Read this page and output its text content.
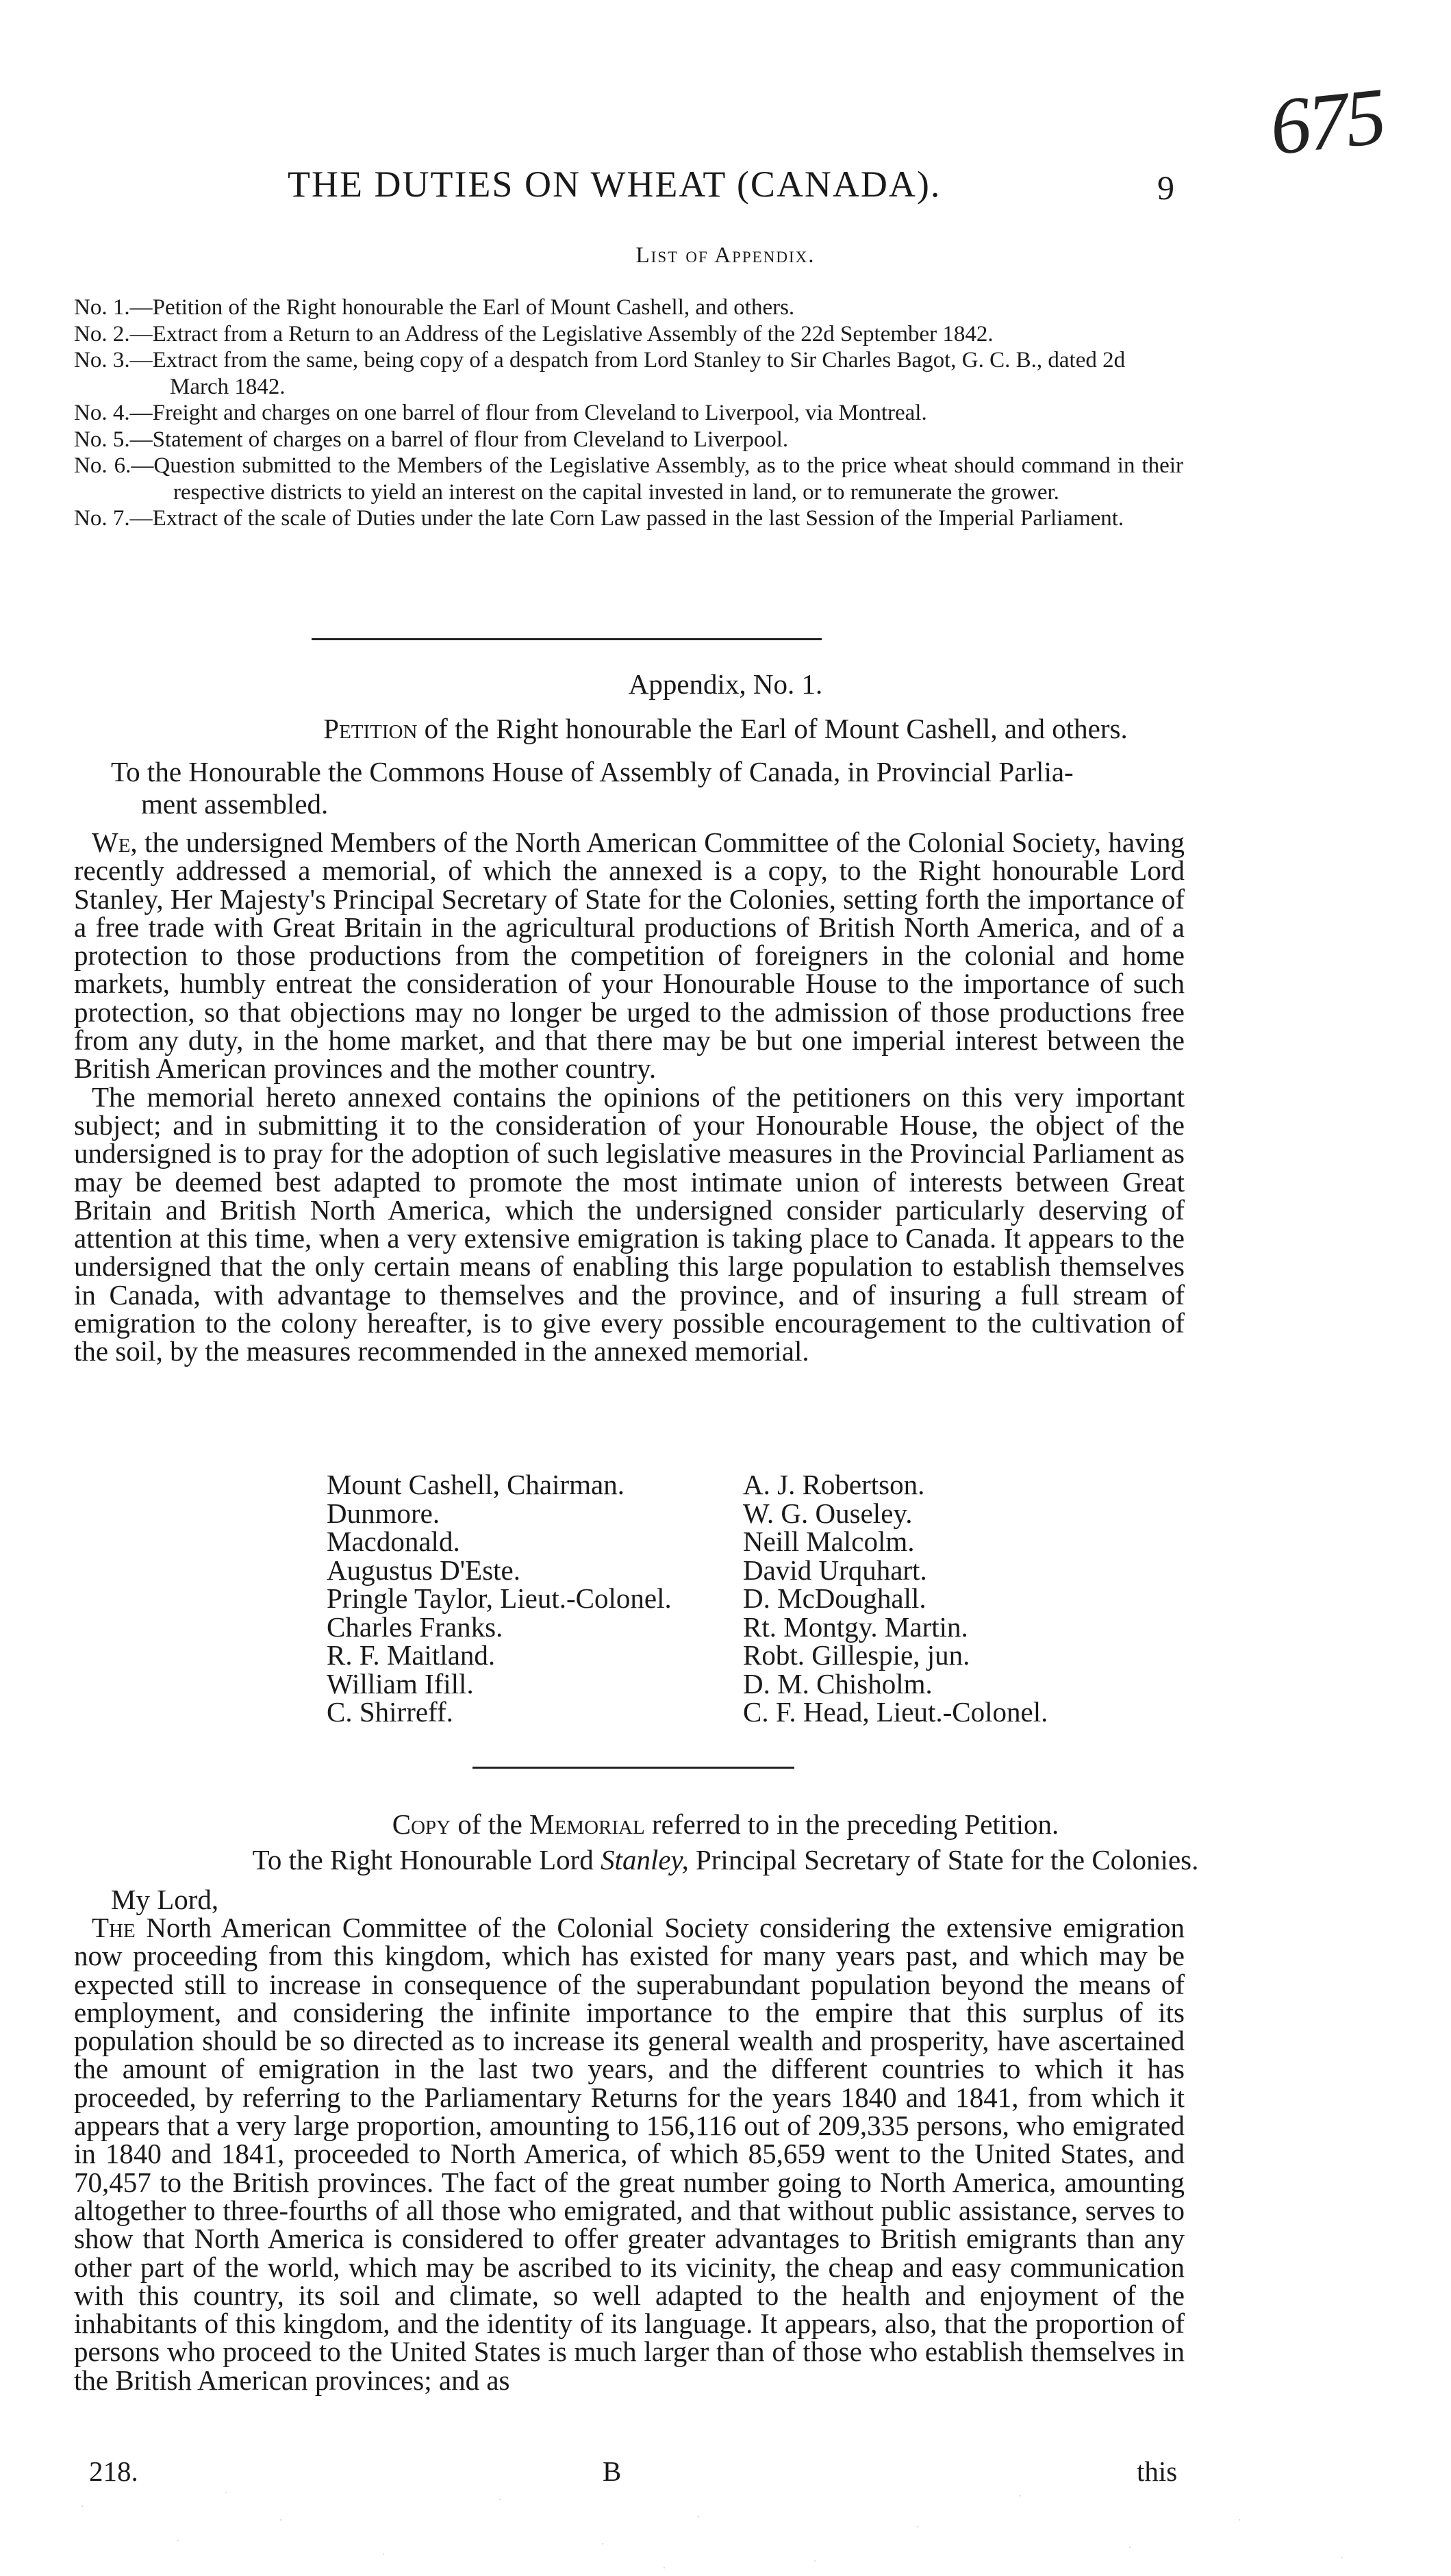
675
THE DUTIES ON WHEAT (CANADA).	9
List of Appendix.
No. 1.—Petition of the Right honourable the Earl of Mount Cashell, and others.
No. 2.—Extract from a Return to an Address of the Legislative Assembly of the 22d September 1842.
No. 3.—Extract from the same, being copy of a despatch from Lord Stanley to Sir Charles Bagot, G. C. B., dated 2d March 1842.
No. 4.—Freight and charges on one barrel of flour from Cleveland to Liverpool, via Montreal.
No. 5.—Statement of charges on a barrel of flour from Cleveland to Liverpool.
No. 6.—Question submitted to the Members of the Legislative Assembly, as to the price wheat should command in their respective districts to yield an interest on the capital invested in land, or to remunerate the grower.
No. 7.—Extract of the scale of Duties under the late Corn Law passed in the last Session of the Imperial Parliament.
Appendix, No. 1.
Petition of the Right honourable the Earl of Mount Cashell, and others.
To the Honourable the Commons House of Assembly of Canada, in Provincial Parlia-
ment assembled.

We, the undersigned Members of the North American Committee of the Colonial Society, having recently addressed a memorial, of which the annexed is a copy, to the Right honourable Lord Stanley, Her Majesty's Principal Secretary of State for the Colonies, setting forth the importance of a free trade with Great Britain in the agricultural productions of British North America, and of a protection to those productions from the competition of foreigners in the colonial and home markets, humbly entreat the consideration of your Honourable House to the importance of such protection, so that objections may no longer be urged to the admission of those productions free from any duty, in the home market, and that there may be but one imperial interest between the British American provinces and the mother country.

The memorial hereto annexed contains the opinions of the petitioners on this very important subject; and in submitting it to the consideration of your Honourable House, the object of the undersigned is to pray for the adoption of such legislative measures in the Provincial Parliament as may be deemed best adapted to promote the most intimate union of interests between Great Britain and British North America, which the undersigned consider particularly deserving of attention at this time, when a very extensive emigration is taking place to Canada. It appears to the undersigned that the only certain means of enabling this large population to establish themselves in Canada, with advantage to themselves and the province, and of insuring a full stream of emigration to the colony hereafter, is to give every possible encouragement to the cultivation of the soil, by the measures recommended in the annexed memorial.

Mount Cashell, Chairman.
Dunmore.
Macdonald.
Augustus D'Este.
Pringle Taylor, Lieut.-Colonel.
Charles Franks.
R. F. Maitland.
William Ifill.
C. Shirreff.
A. J. Robertson.
W. G. Ouseley.
Neill Malcolm.
David Urquhart.
D. McDoughall.
Rt. Montgy. Martin.
Robt. Gillespie, jun.
D. M. Chisholm.
C. F. Head, Lieut.-Colonel.
Copy of the Memorial referred to in the preceding Petition.
To the Right Honourable Lord Stanley, Principal Secretary of State for the Colonies.
My Lord,

The North American Committee of the Colonial Society considering the extensive emigration now proceeding from this kingdom, which has existed for many years past, and which may be expected still to increase in consequence of the superabundant population beyond the means of employment, and considering the infinite importance to the empire that this surplus of its population should be so directed as to increase its general wealth and prosperity, have ascertained the amount of emigration in the last two years, and the different countries to which it has proceeded, by referring to the Parliamentary Returns for the years 1840 and 1841, from which it appears that a very large proportion, amounting to 156,116 out of 209,335 persons, who emigrated in 1840 and 1841, proceeded to North America, of which 85,659 went to the United States, and 70,457 to the British provinces. The fact of the great number going to North America, amounting altogether to three-fourths of all those who emigrated, and that without public assistance, serves to show that North America is considered to offer greater advantages to British emigrants than any other part of the world, which may be ascribed to its vicinity, the cheap and easy communication with this country, its soil and climate, so well adapted to the health and enjoyment of the inhabitants of this kingdom, and the identity of its language. It appears, also, that the proportion of persons who proceed to the United States is much larger than of those who establish themselves in the British American provinces; and as

218.	B	this
